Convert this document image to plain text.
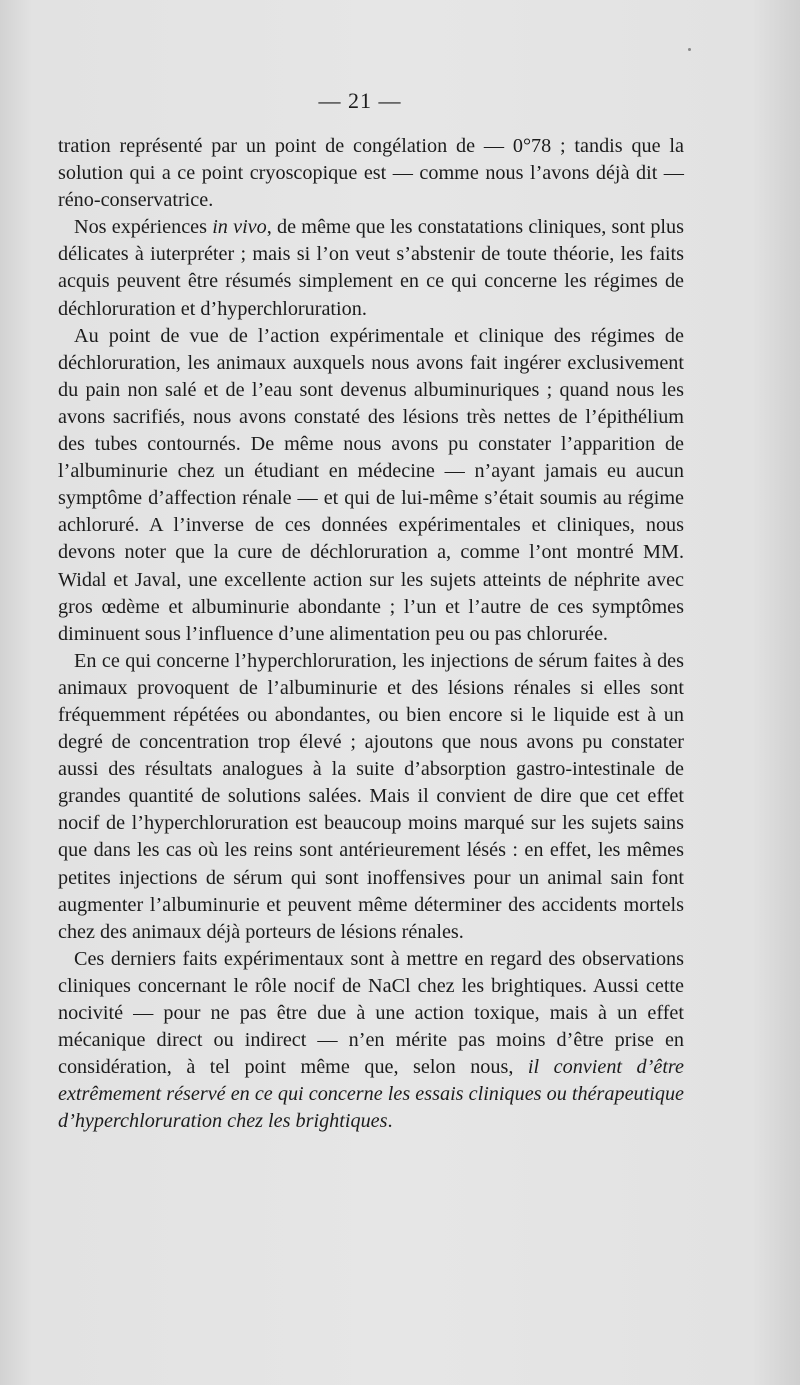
— 21 —

tration représenté par un point de congélation de — 0°78 ; tandis que la solution qui a ce point cryoscopique est — comme nous l’avons déjà dit — réno-conservatrice.

Nos expériences in vivo, de même que les constatations cliniques, sont plus délicates à iuterpréter ; mais si l’on veut s’abstenir de toute théorie, les faits acquis peuvent être résumés simplement en ce qui concerne les régimes de déchloruration et d’hyperchloruration.

Au point de vue de l’action expérimentale et clinique des régimes de déchloruration, les animaux auxquels nous avons fait ingérer exclusivement du pain non salé et de l’eau sont devenus albuminuriques ; quand nous les avons sacrifiés, nous avons constaté des lésions très nettes de l’épithélium des tubes contournés. De même nous avons pu constater l’apparition de l’albuminurie chez un étudiant en médecine — n’ayant jamais eu aucun symptôme d’affection rénale — et qui de lui-même s’était soumis au régime achloruré. A l’inverse de ces données expérimentales et cliniques, nous devons noter que la cure de déchloruration a, comme l’ont montré MM. Widal et Javal, une excellente action sur les sujets atteints de néphrite avec gros œdème et albuminurie abondante ; l’un et l’autre de ces symptômes diminuent sous l’influence d’une alimentation peu ou pas chlorurée.

En ce qui concerne l’hyperchloruration, les injections de sérum faites à des animaux provoquent de l’albuminurie et des lésions rénales si elles sont fréquemment répétées ou abondantes, ou bien encore si le liquide est à un degré de concentration trop élevé ; ajoutons que nous avons pu constater aussi des résultats analogues à la suite d’absorption gastro-intestinale de grandes quantité de solutions salées. Mais il convient de dire que cet effet nocif de l’hyperchloruration est beaucoup moins marqué sur les sujets sains que dans les cas où les reins sont antérieurement lésés : en effet, les mêmes petites injections de sérum qui sont inoffensives pour un animal sain font augmenter l’albuminurie et peuvent même déterminer des accidents mortels chez des animaux déjà porteurs de lésions rénales.

Ces derniers faits expérimentaux sont à mettre en regard des observations cliniques concernant le rôle nocif de NaCl chez les brightiques. Aussi cette nocivité — pour ne pas être due à une action toxique, mais à un effet mécanique direct ou indirect — n’en mérite pas moins d’être prise en considération, à tel point même que, selon nous, il convient d’être extrêmement réservé en ce qui concerne les essais cliniques ou thérapeutique d’hyperchloruration chez les brightiques.
